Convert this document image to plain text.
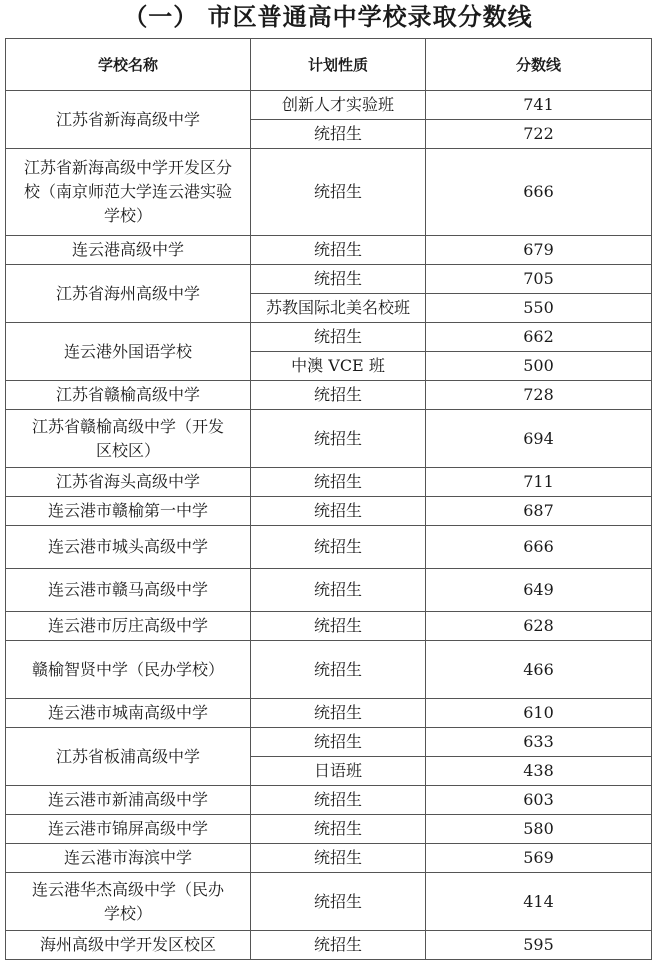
（一） 市区普通高中学校录取分数线
学校名称	计划性质	分数线
江苏省新海高级中学	创新人才实验班	741
	统招生	722

江苏省新海高级中学开发区分校（南京师范大学连云港实验学校）	统招生	666
连云港高级中学	统招生	679
江苏省海州高级中学	统招生	705
	苏教国际北美名校班	550
连云港外国语学校	统招生	662
	中澳 VCE 班	500
江苏省赣榆高级中学	统招生	728

江苏省赣榆高级中学（开发区校区）	统招生	694
江苏省海头高级中学	统招生	711
连云港市赣榆第一中学	统招生	687
连云港市城头高级中学	统招生	666
连云港市赣马高级中学	统招生	649
连云港市厉庄高级中学	统招生	628
赣榆智贤中学（民办学校）	统招生	466
连云港市城南高级中学	统招生	610
江苏省板浦高级中学	统招生	633
	日语班	438
连云港市新浦高级中学	统招生	603
连云港市锦屏高级中学	统招生	580
连云港市海滨中学	统招生	569

连云港华杰高级中学（民办学校）	统招生	414
海州高级中学开发区校区	统招生	595
